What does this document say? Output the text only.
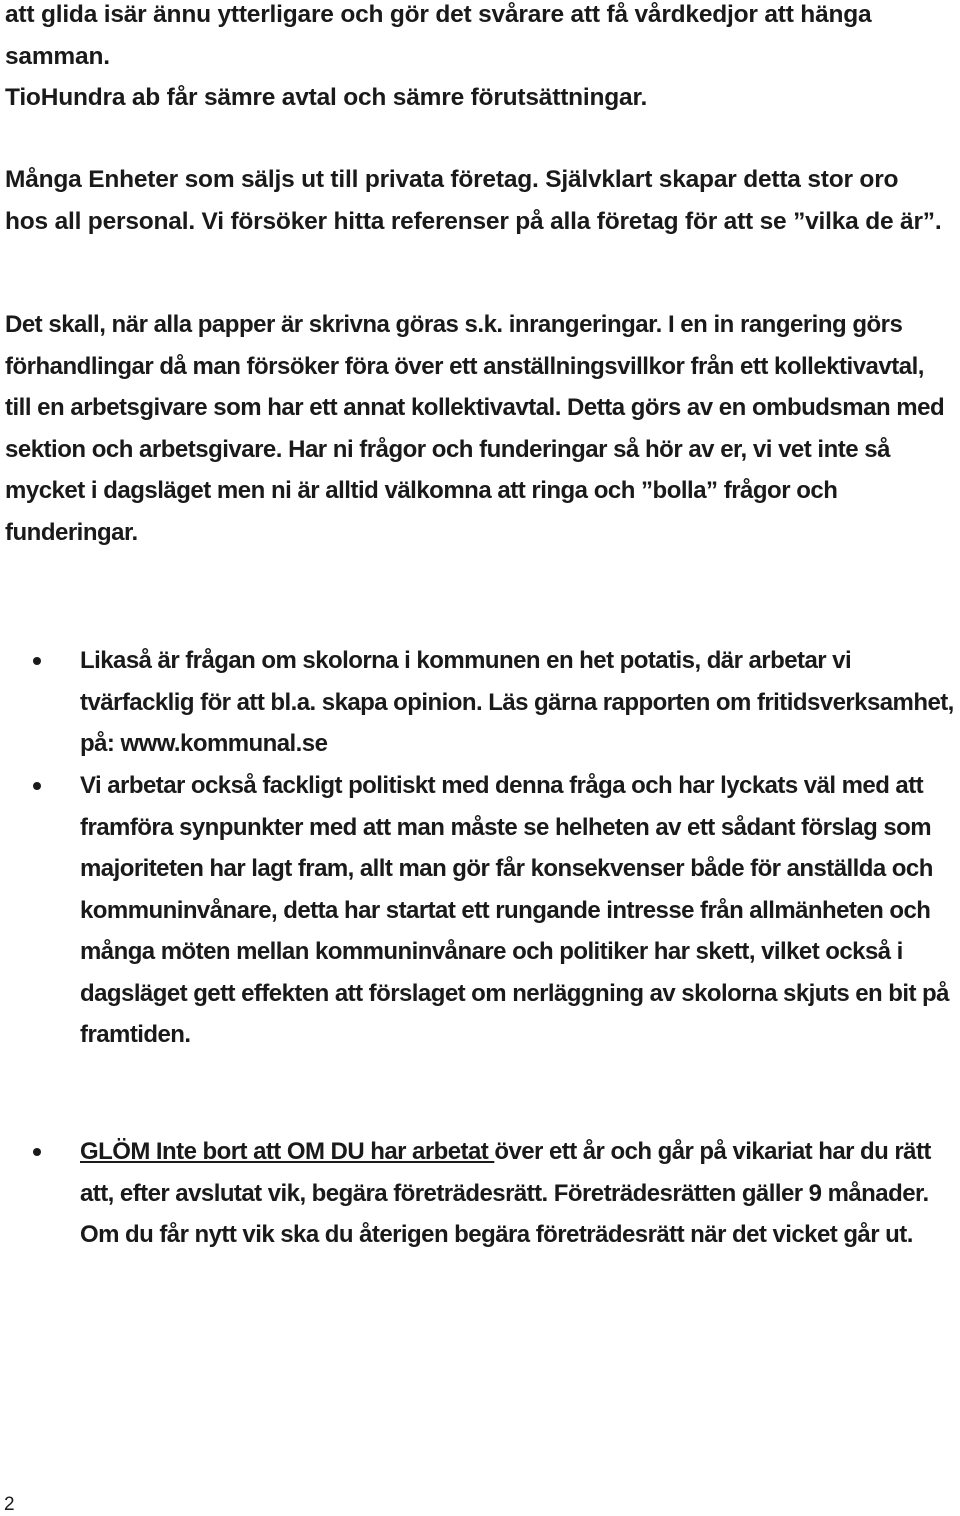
att glida isär ännu ytterligare och gör det svårare att få vårdkedjor att hänga samman.

TioHundra ab får sämre avtal och sämre förutsättningar.

Många Enheter som säljs ut till privata företag. Självklart skapar detta stor oro hos all personal. Vi försöker hitta referenser på alla företag för att se ”vilka de är”.

Det skall, när alla papper är skrivna göras s.k. inrangeringar. I en in rangering görs förhandlingar då man försöker föra över ett anställningsvillkor från ett kollektivavtal, till en arbetsgivare som har ett annat kollektivavtal. Detta görs av en ombudsman med sektion och arbetsgivare. Har ni frågor och funderingar så hör av er, vi vet inte så mycket i dagsläget men ni är alltid välkomna att ringa och ”bolla” frågor och funderingar.

Likaså är frågan om skolorna i kommunen en het potatis, där arbetar vi tvärfacklig för att bl.a. skapa opinion. Läs gärna rapporten om fritidsverksamhet, på: www.kommunal.se
Vi arbetar också fackligt politiskt med denna fråga och har lyckats väl med att framföra synpunkter med att man måste se helheten av ett sådant förslag som majoriteten har lagt fram, allt man gör får konsekvenser både för anställda och kommuninvånare, detta har startat ett rungande intresse från allmänheten och många möten mellan kommuninvånare och politiker har skett, vilket också i dagsläget gett effekten att förslaget om nerläggning av skolorna skjuts en bit på framtiden.
GLÖM Inte bort att OM DU har arbetat över ett år och går på vikariat har du rätt att, efter avslutat vik, begära företrädesrätt. Företrädesrätten gäller 9 månader. Om du får nytt vik ska du återigen begära företrädesrätt när det vicket går ut.
2
